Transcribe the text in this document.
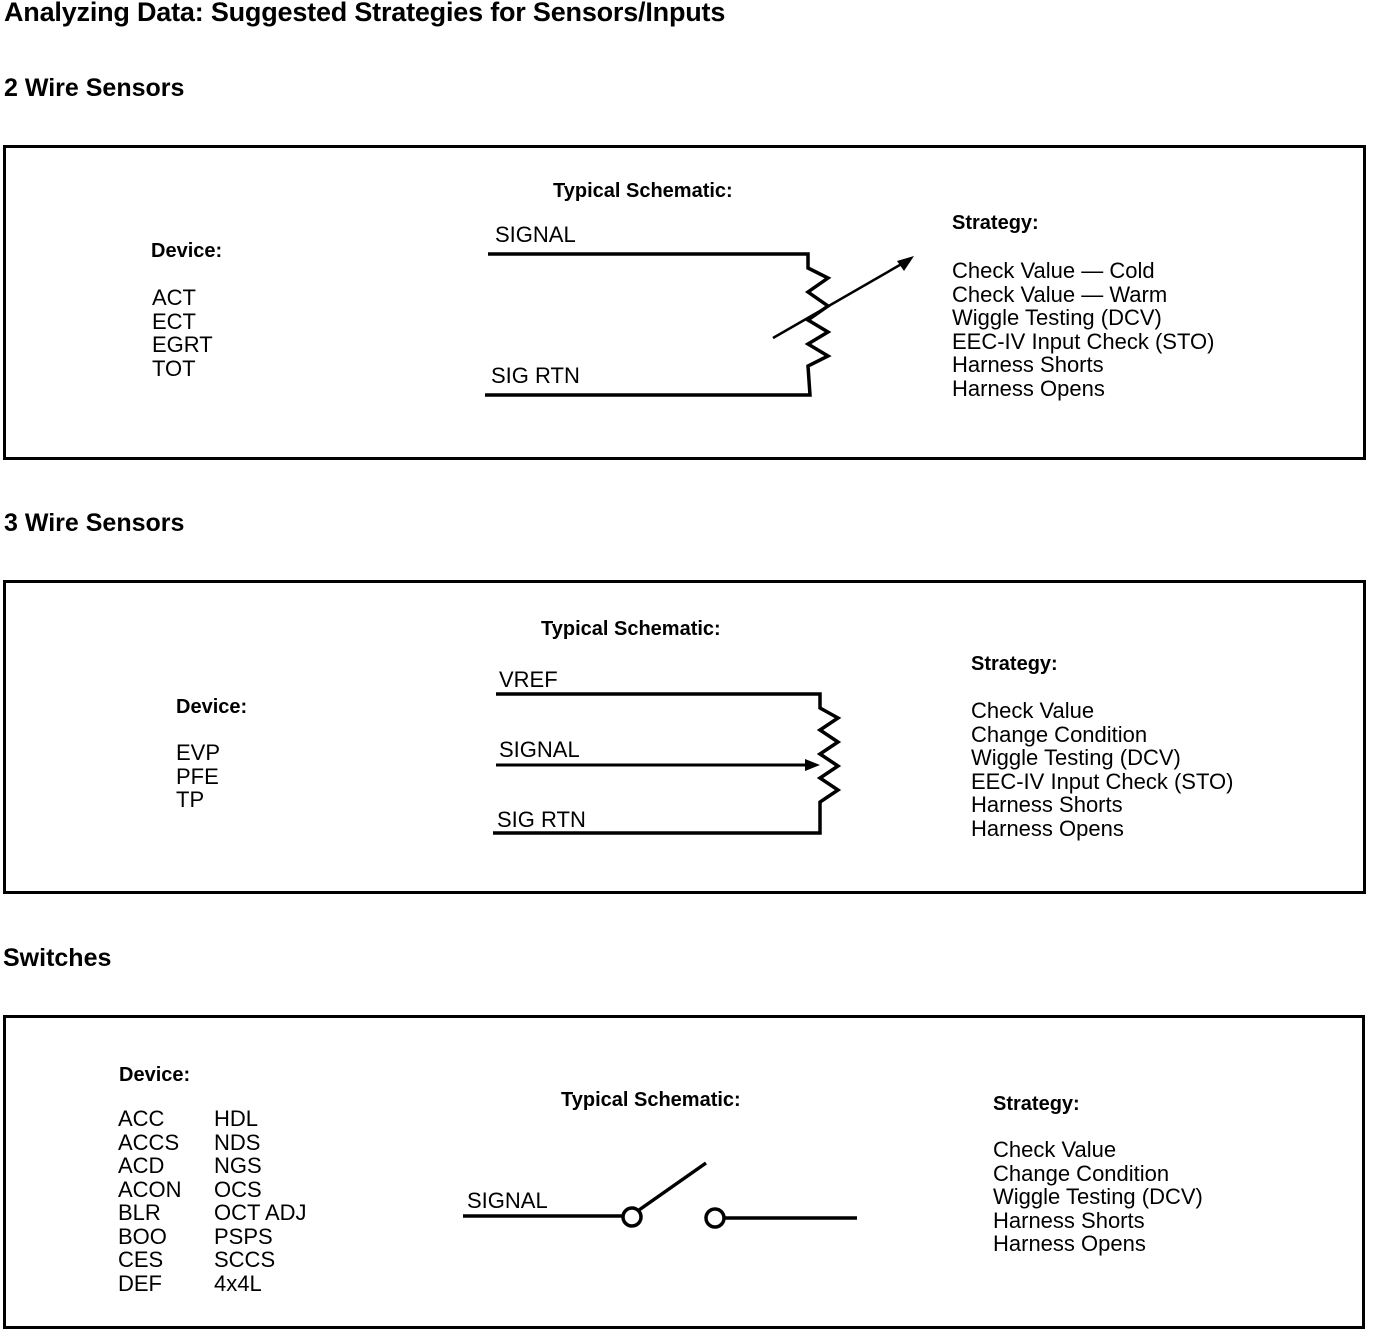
Analyzing Data: Suggested Strategies for Sensors/Inputs
2 Wire Sensors
Typical Schematic:
Device:
ACT
ECT
EGRT
TOT
SIGNAL
SIG RTN
Strategy:
Check Value — Cold
Check Value — Warm
Wiggle Testing (DCV)
EEC-IV Input Check (STO)
Harness Shorts
Harness Opens
3 Wire Sensors
Typical Schematic:
Device:
EVP
PFE
TP
VREF
SIGNAL
SIG RTN
Strategy:
Check Value
Change Condition
Wiggle Testing (DCV)
EEC-IV Input Check (STO)
Harness Shorts
Harness Opens
Switches
Device:
ACC
ACCS
ACD
ACON
BLR
BOO
CES
DEF
HDL
NDS
NGS
OCS
OCT ADJ
PSPS
SCCS
4x4L
Typical Schematic:
SIGNAL
Strategy:
Check Value
Change Condition
Wiggle Testing (DCV)
Harness Shorts
Harness Opens
